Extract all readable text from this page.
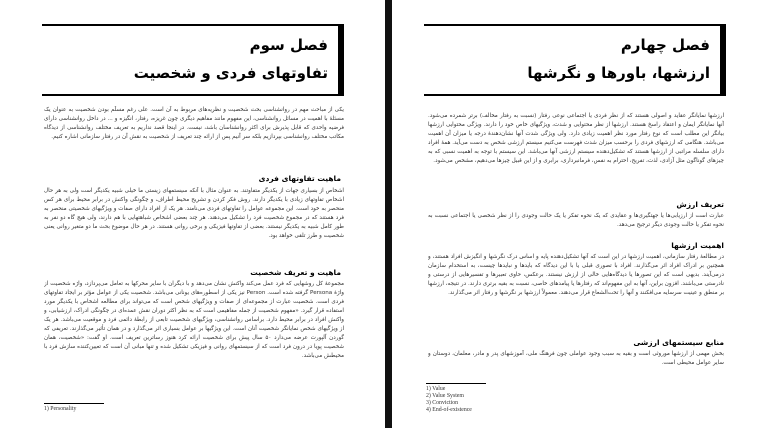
فصل سوم
تفاوتهای فردی و شخصیت
یکی از مباحث مهم در روانشناسی بحث شخصیت و نظریه‌های مربوط به آن است. علی رغم مسلّم بودن شخصیت به عنوان یک مسئلهٔ با اهمیت در مسائل روانشناسی، این مفهوم مانند مفاهیم دیگری چون غریزه، رفتار، انگیزه و ... در داخل روانشناسی دارای فرضیه واحدی که قابل پذیرش برای اکثر روانشناسان باشد، نیست. در اینجا قصد نداریم به تعریف مختلف روانشناسی از دیدگاه مکاتب مختلف روانشناسی بپردازیم بلکه سر آنیم پس از ارائه چند تعریف از شخصیت به نقش آن در رفتار سازمانی اشاره کنیم.
ماهیت تفاوتهای فردی
اشخاص از بسیاری جهات از یکدیگر متفاوتند. به عنوان مثال با آنکه سیستمهای زیستی ما خیلی شبیه یکدیگر است ولی به هر حال اشخاص تفاوتهای زیادی با یکدیگر دارند. روش فکر کردن و تشریح محیط اطراف، و چگونگی واکنش در برابر محیط برای هر کس منحصر به خود است. این مجموعه عوامل را تفاوتهای فردی می‌نامند. هر یک از افراد دارای صفات و ویژگیهای شخصیتی منحصر به فرد هستند که در مجموع شخصیت فرد را تشکیل می‌دهند. هر چند بعضی اشخاص شباهتهایی با هم دارند، ولی هیچ گاه دو نفر به طور کامل شبیه به یکدیگر نیستند. بعضی از تفاوتها فیزیکی و برخی روانی هستند. در هر حال موضوع بحث ما دو متغیر روانی یعنی شخصیت و طرز تلقی خواهد بود.
ماهیت و تعریف شخصیت
مجموعهٔ کل روشهایی که فرد عمل می‌کند واکنش نشان می‌دهد و با دیگران با سایر محرکها به تعامل می‌پردازد، واژه شخصیت از واژهٔ Persona گرفته شده است. Person نیز یکی از اسطوره‌های یونانی می‌باشد. شخصیت یکی از عوامل مؤثر بر ایجاد تفاوتهای فردی است. شخصیت عبارت از مجموعه‌ای از صفات و ویژگیهای شخص است که می‌تواند برای مطالعه اشخاص با یکدیگر مورد استفاده قرار گیرد. «مفهوم شخصیت از جمله مفاهیمی است که به نظر اکثر دوران نقش عمده‌ای در چگونگی ادراک، ارزشیابی، و واکنش افراد در برابر محیط دارد. براساس روانشناسی، ویژگیهای شخصیت تابعی از رابطهٔ دائمی فرد و موقعیت می‌باشد. هر یک از ویژگیهای شخص نمایانگر شخصیت آنان است. این ویژگیها بر عوامل بسیاری اثر می‌گذارد و در همان تأثیر می‌گذارند. تعریفی که گوردن آلپورت عرضه می‌دارد ۵۰ سال پیش برای شخصیت ارائه کرد هنوز رسا‌ترین تعریف است. او گفت: «شخصیت، همان شخصیت پویا در درون فرد است که از سیستمهای روانی و فیزیکی تشکیل شده و تنها مبانی آن است که تعیین‌کننده سازش فرد با محیطش می‌باشد.
1) Personality
فصل چهارم
ارزشها، باورها و نگرشها
ارزشها نمایانگر عقاید و اصولی هستند که از نظر فردی یا اجتماعی نوعی رفتار (نسبت به رفتار مخالف) برتر شمرده می‌شود. آنها نمایانگر ایمان و اعتقاد راسخ هستند. ارزشها از نظر محتوایی و شدت، ویژگیهای خاص خود را دارند. ویژگی محتوایی ارزشها بیانگر این مطلب است که نوع رفتار مورد نظر اهمیت زیادی دارد. ولی ویژگی شدت آنها نشان‌دهندهٔ درجه یا میزان آن اهمیت می‌باشد. هنگامی که ارزشهای فردی را برحسب میزان شدت فهرست می‌کنیم سیستم ارزشی شخص به دست می‌آید. همهٔ افراد دارای سلسله مراتبی از ارزشها هستند که تشکیل‌دهنده سیستم ارزشی آنها می‌باشد. این سیستم با توجه به اهمیت نسبی که به چیزهای گوناگون مثل آزادی، لذت، تفریح، احترام به نفس، فرمانبرداری، برابری و از این قبیل چیزها می‌دهیم، مشخص می‌شود.
تعریف ارزش
عبارت است از ارزیابی‌ها یا جهتگیری‌ها و عقایدی که یک نحوه تفکر یا یک حالت وجودی را از نظر شخصی یا اجتماعی نسبت به نحوه تفکر یا حالت وجودی دیگر ترجیح می‌دهد.
اهمیت ارزشها
در مطالعهٔ رفتار سازمانی، اهمیت ارزشها در این است که آنها تشکیل‌دهنده پایه و اساس درک نگرشها و انگیزش افراد هستند، و همچنین بر ادراک افراد اثر می‌گذارند. افراد با تصوری قبلی یا با این دیدگاه که بایدها و نبایدها چیست، به استخدام سازمان درمی‌آیند. بدیهی است که این تصورها یا دیدگاه‌هایی خالی از ارزش نیستند. برعکس، حاوی تعبیرها و تفسیرهایی از درستی و نادرستی می‌باشند. افزون براین، آنها به این مفهوم‌اند که رفتارها یا پیامدهای خاصی، نسبت به بقیه برتری دارند. در نتیجه، ارزشها بر منطق و عینیت سرسایه می‌افکنند و آنها را تحت‌الشعاع قرار می‌دهند. معمولاً ارزشها بر نگرشها و رفتار اثر می‌گذارند.
منابع سیستمهای ارزشی
بخش مهمی از ارزشها موروثی است و بقیه به سبب وجود عواملی چون فرهنگ ملی، آموزشهای پدر و مادر، معلمان، دوستان و سایر عوامل محیطی است.
1) Value
2) Value System
3) Conviction
4) End-of-existence
